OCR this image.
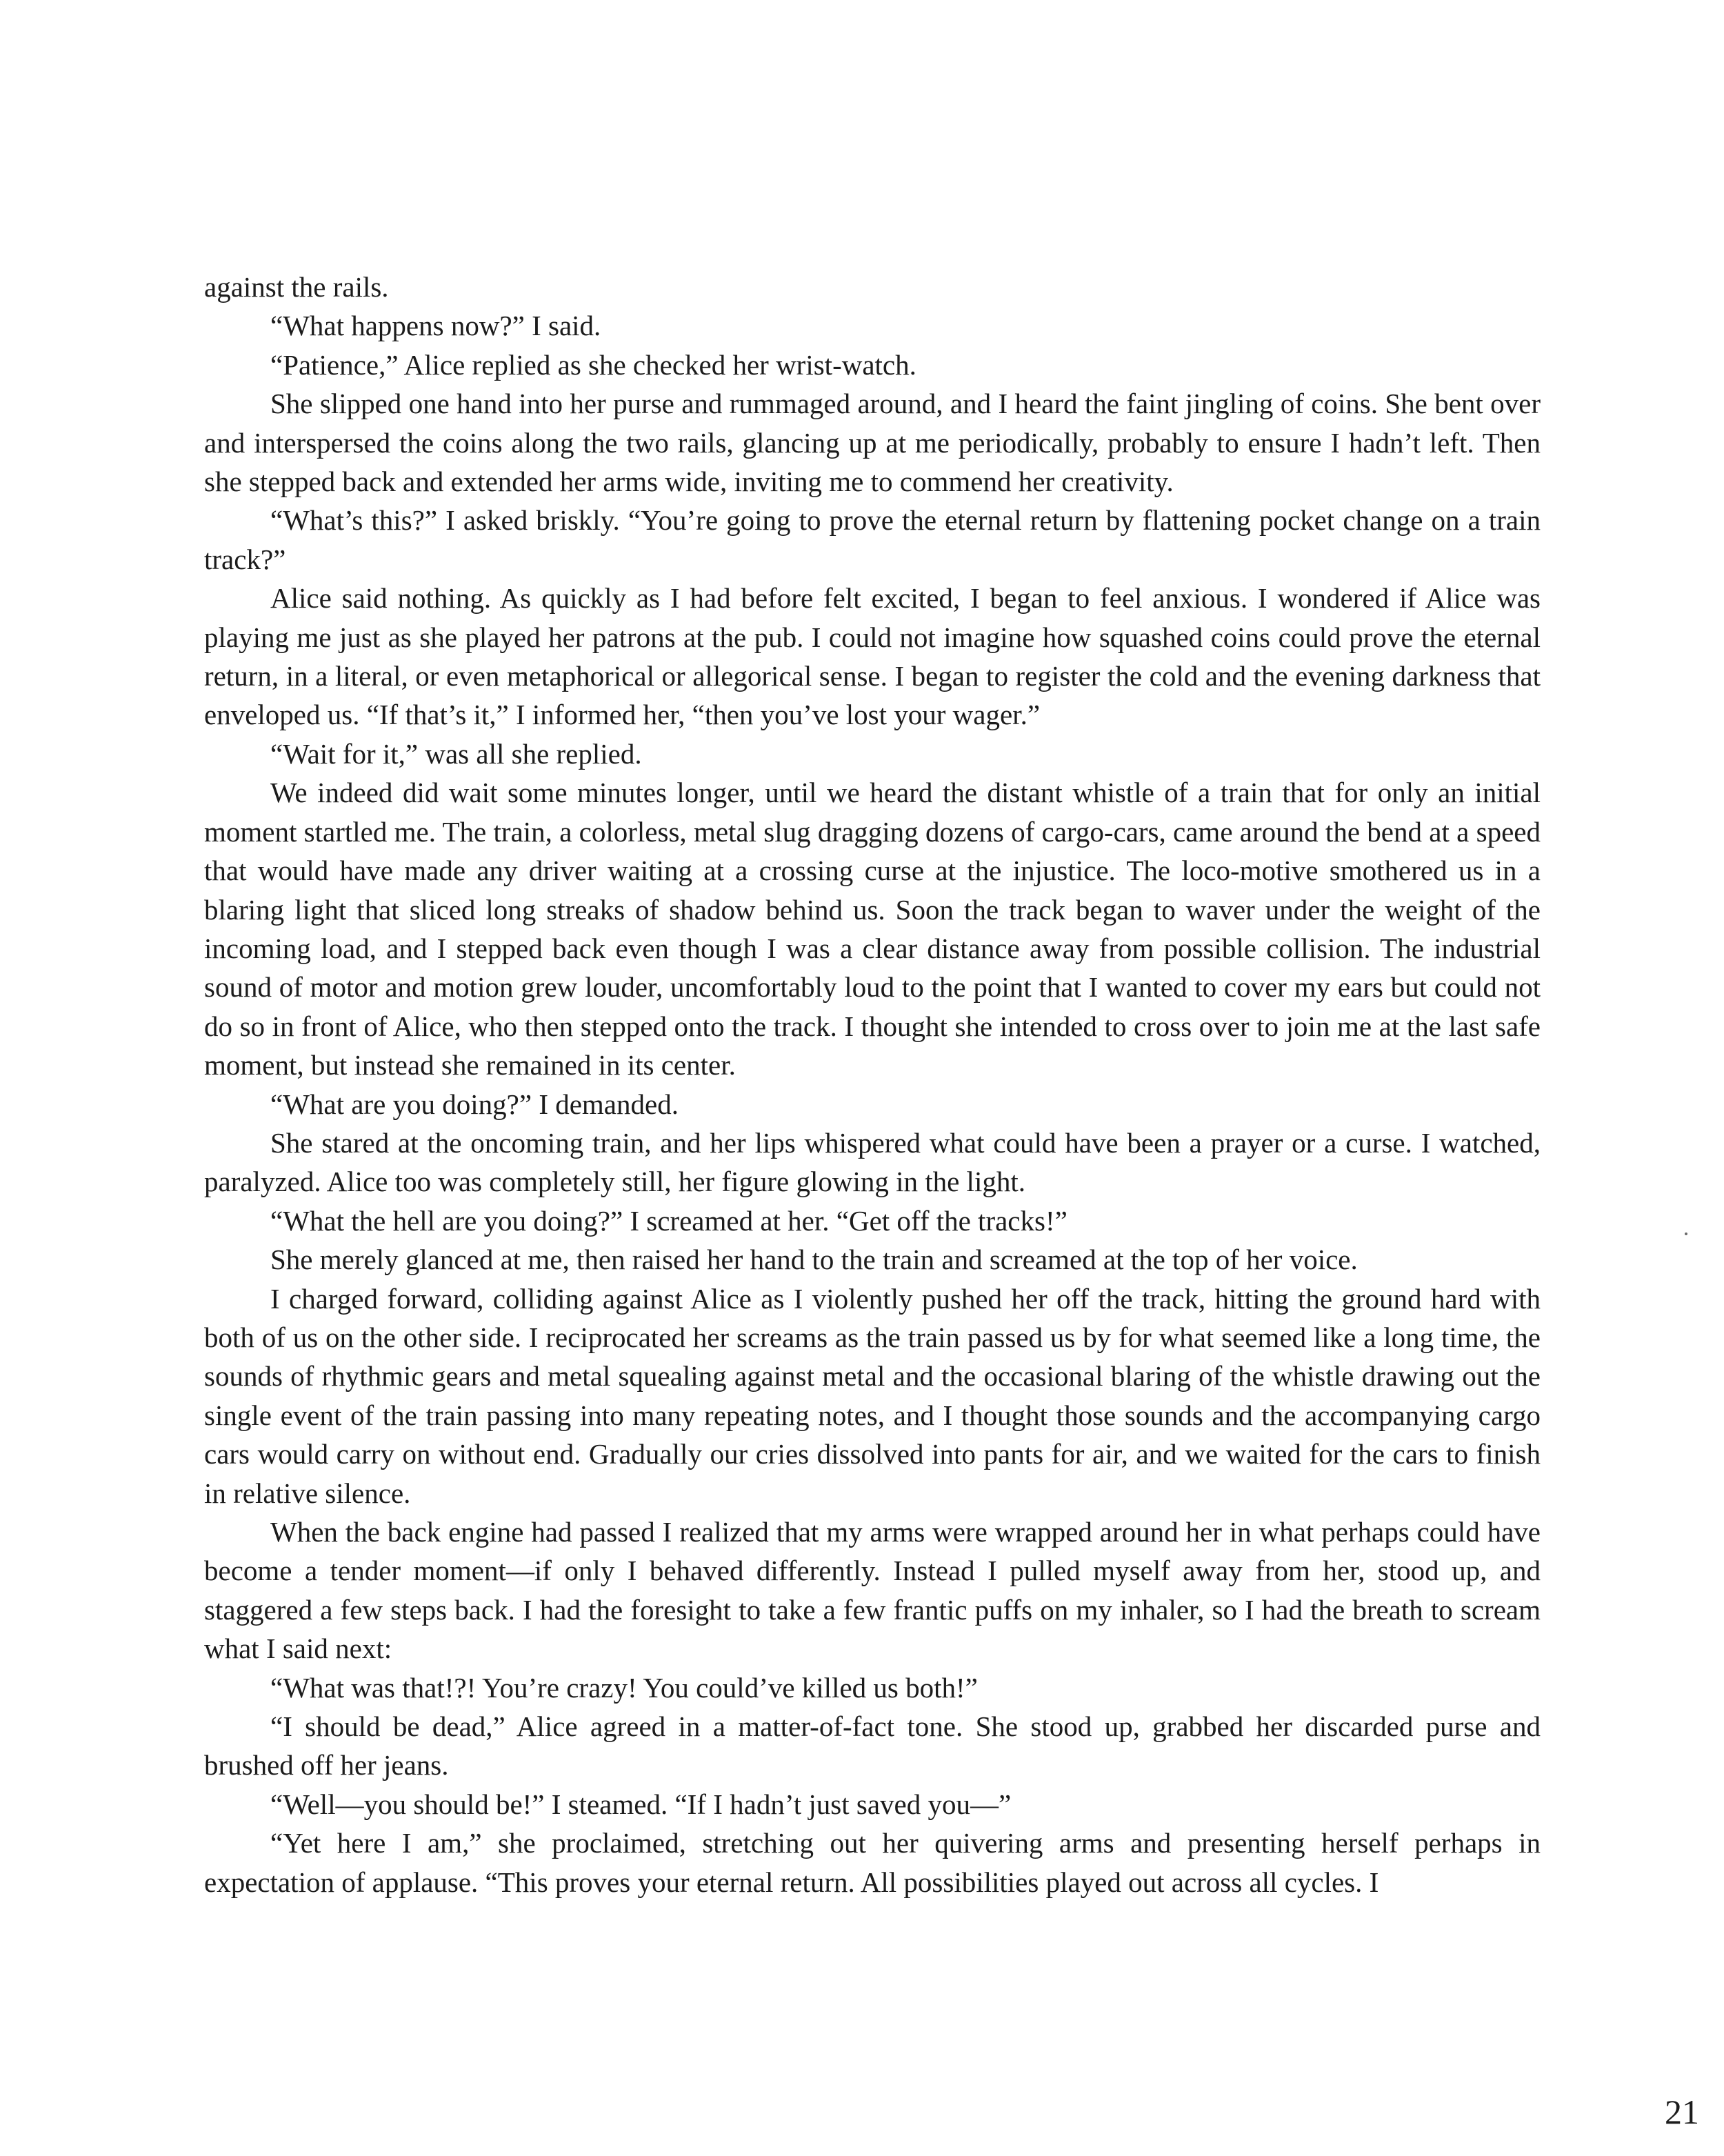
against the rails.

“What happens now?” I said.

“Patience,” Alice replied as she checked her wrist-watch.

She slipped one hand into her purse and rummaged around, and I heard the faint jingling of coins. She bent over and interspersed the coins along the two rails, glancing up at me periodically, probably to ensure I hadn’t left. Then she stepped back and extended her arms wide, inviting me to commend her creativity.

“What’s this?” I asked briskly. “You’re going to prove the eternal return by flattening pocket change on a train track?”

Alice said nothing. As quickly as I had before felt excited, I began to feel anxious. I wondered if Alice was playing me just as she played her patrons at the pub. I could not imagine how squashed coins could prove the eternal return, in a literal, or even metaphorical or allegorical sense. I began to register the cold and the evening darkness that enveloped us. “If that’s it,” I informed her, “then you’ve lost your wager.”

“Wait for it,” was all she replied.

We indeed did wait some minutes longer, until we heard the distant whistle of a train that for only an initial moment startled me. The train, a colorless, metal slug dragging dozens of cargo-cars, came around the bend at a speed that would have made any driver waiting at a crossing curse at the injustice. The loco-motive smothered us in a blaring light that sliced long streaks of shadow behind us. Soon the track began to waver under the weight of the incoming load, and I stepped back even though I was a clear distance away from possible collision. The industrial sound of motor and motion grew louder, uncomfortably loud to the point that I wanted to cover my ears but could not do so in front of Alice, who then stepped onto the track. I thought she intended to cross over to join me at the last safe moment, but instead she remained in its center.

“What are you doing?” I demanded.

She stared at the oncoming train, and her lips whispered what could have been a prayer or a curse. I watched, paralyzed. Alice too was completely still, her figure glowing in the light.

“What the hell are you doing?” I screamed at her. “Get off the tracks!”

She merely glanced at me, then raised her hand to the train and screamed at the top of her voice.

I charged forward, colliding against Alice as I violently pushed her off the track, hitting the ground hard with both of us on the other side. I reciprocated her screams as the train passed us by for what seemed like a long time, the sounds of rhythmic gears and metal squealing against metal and the occasional blaring of the whistle drawing out the single event of the train passing into many repeating notes, and I thought those sounds and the accompanying cargo cars would carry on without end. Gradually our cries dissolved into pants for air, and we waited for the cars to finish in relative silence.

When the back engine had passed I realized that my arms were wrapped around her in what perhaps could have become a tender moment—if only I behaved differently. Instead I pulled myself away from her, stood up, and staggered a few steps back. I had the foresight to take a few frantic puffs on my inhaler, so I had the breath to scream what I said next:

“What was that!?! You’re crazy! You could’ve killed us both!”

“I should be dead,” Alice agreed in a matter-of-fact tone. She stood up, grabbed her discarded purse and brushed off her jeans.

“Well—you should be!” I steamed. “If I hadn’t just saved you—”

“Yet here I am,” she proclaimed, stretching out her quivering arms and presenting herself perhaps in expectation of applause. “This proves your eternal return. All possibilities played out across all cycles. I

21
